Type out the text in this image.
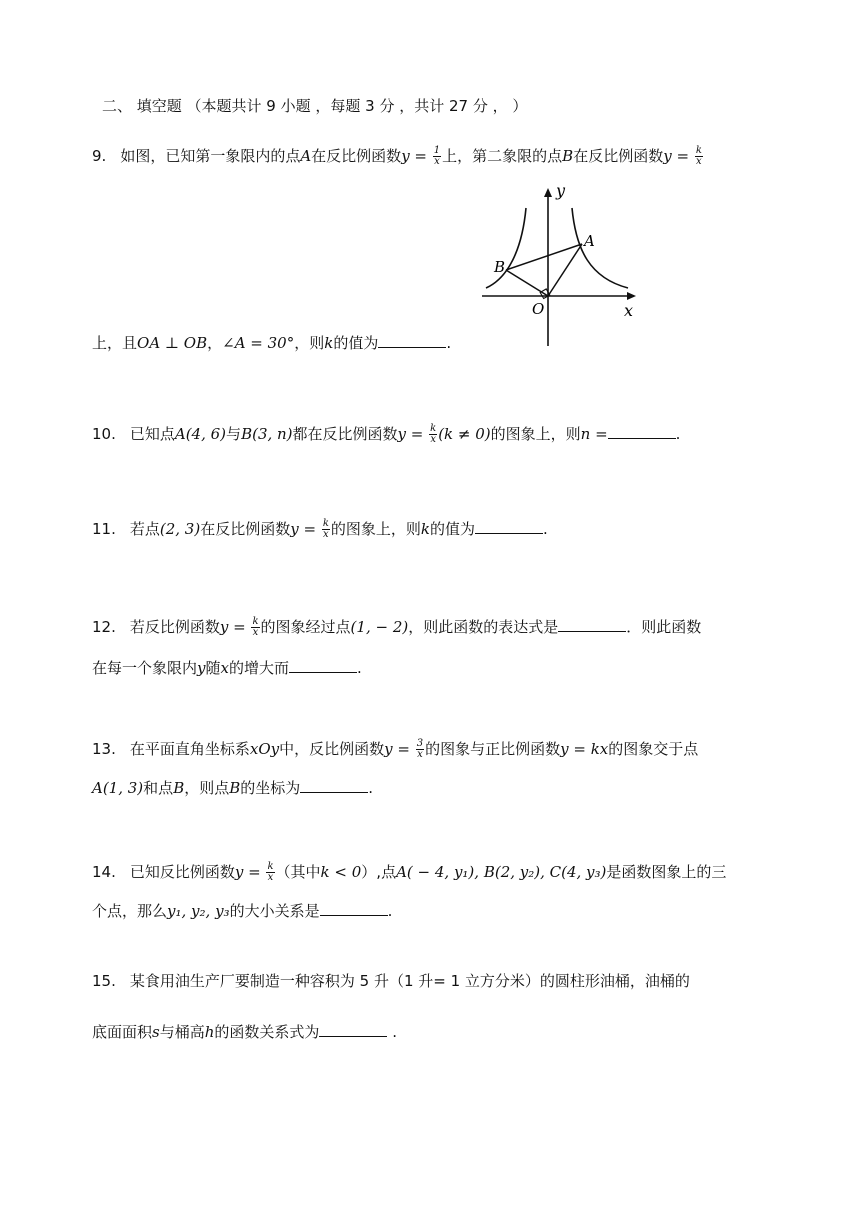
二、 填空题 （本题共计 9 小题 ，每题 3 分 ，共计 27 分 ， ）
9. 如图，已知第一象限内的点A在反比例函数$y = \frac{1}{x}$ 上，第二象限的点B在反比例函数$y = \frac{k}{x}$
y
x
A
B
O
上，且OA ⊥ OB，∠A = 30°，则k的值为	.
10. 已知点A(4, 6)与B(3, n)都在反比例函数$y = \frac{k}{x} (k \ne 0)$的图象上，则n =	.
11. 若点(2, 3)在反比例函数$y = \frac{k}{x}$ 的图象上，则k的值为	.
12. 若反比例函数$y = \frac{k}{x}$ 的图象经过点(1, − 2)，则此函数的表达式是	．则此函数
在每一个象限内y随x的增大而	.
13. 在平面直角坐标系xOy中，反比例函数$y = \frac{3}{x}$ 的图象与正比例函数y = kx的图象交于点
A(1, 3)和点B，则点B的坐标为	.
14. 已知反比例函数$y = \frac{k}{x}$ （其中k < 0）,点A( − 4, y₁), B(2, y₂), C(4, y₃)是函数图象上的三
个点，那么y₁, y₂, y₃的大小关系是	.
15. 某食用油生产厂要制造一种容积为 5 升（1 升= 1 立方分米）的圆柱形油桶，油桶的
底面面积s与桶高h的函数关系式为	.
